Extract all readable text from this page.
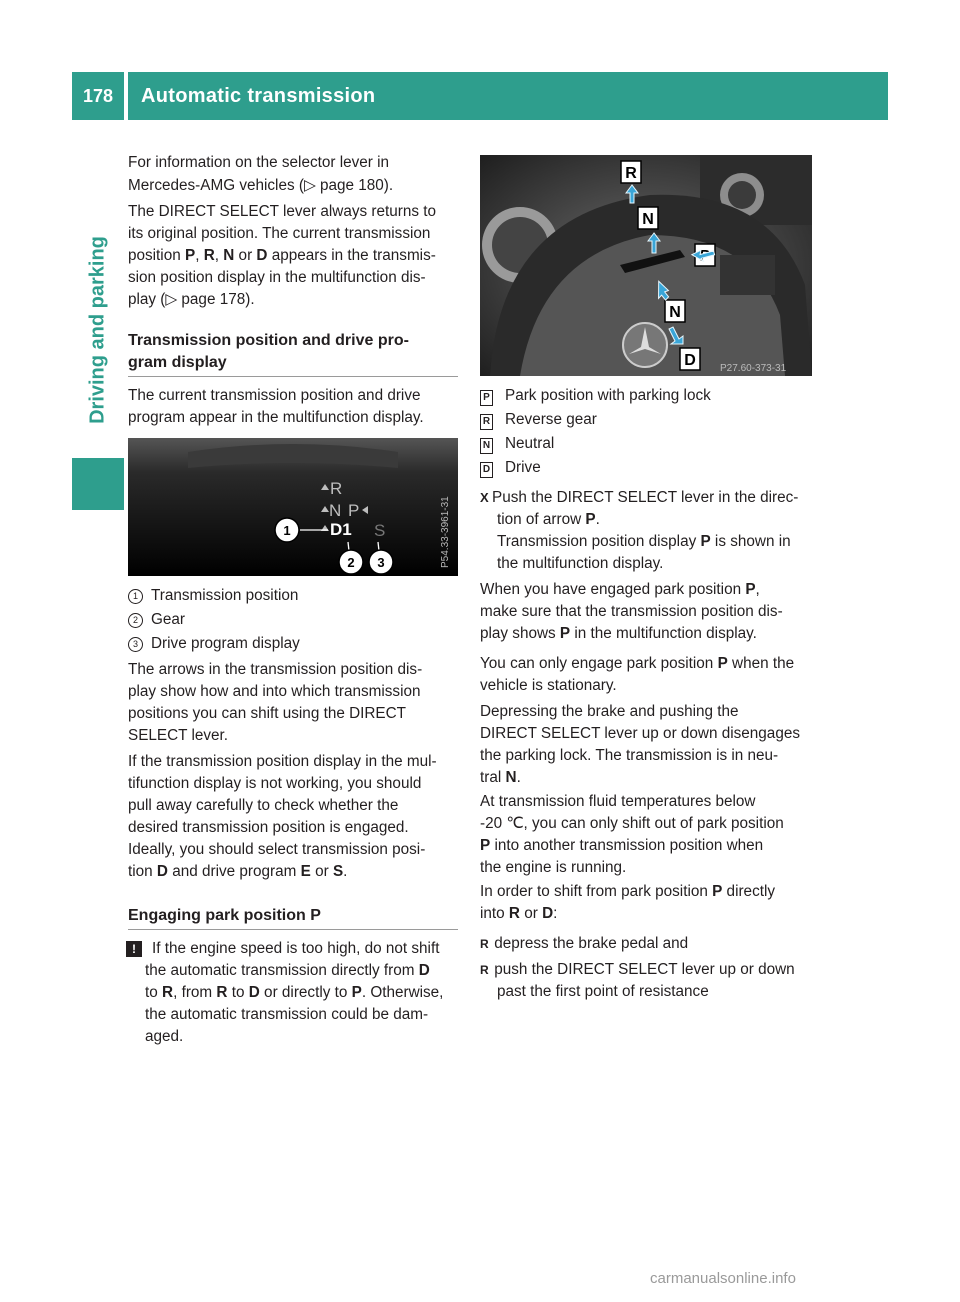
178	Automatic transmission
Driving and parking

For information on the selector lever in

Mercedes-AMG vehicles (▷ page 180).

The DIRECT SELECT lever always returns to

its original position. The current transmission

position P, R, N or D appears in the transmis-

sion position display in the multifunction dis-

play (▷ page 178).

Transmission position and drive pro-

gram display

The current transmission position and drive

program appear in the multifunction display.

R
N P
D1 S
1
2 3	P54.33-3961-31

1 Transmission position

2 Gear

3 Drive program display

The arrows in the transmission position dis-

play show how and into which transmission

positions you can shift using the DIRECT

SELECT lever.

If the transmission position display in the mul-

tifunction display is not working, you should

pull away carefully to check whether the

desired transmission position is engaged.

Ideally, you should select transmission posi-

tion D and drive program E or S.

Engaging park position P

! If the engine speed is too high, do not shift

the automatic transmission directly from D

to R, from R to D or directly to P. Otherwise,

the automatic transmission could be dam-

aged.

R
N
N
D P27.60-373-31

P Park position with parking lock

R Reverse gear

N Neutral

D Drive

X Push the DIRECT SELECT lever in the direc-

tion of arrow P.

Transmission position display P is shown in

the multifunction display.

When you have engaged park position P,

make sure that the transmission position dis-

play shows P in the multifunction display.

You can only engage park position P when the

vehicle is stationary.

Depressing the brake and pushing the

DIRECT SELECT lever up or down disengages

the parking lock. The transmission is in neu-

tral N.

At transmission fluid temperatures below

-20 ℃, you can only shift out of park position

P into another transmission position when

the engine is running.

In order to shift from park position P directly

into R or D:

R depress the brake pedal and

R push the DIRECT SELECT lever up or down

past the first point of resistance

carmanualsonline.info
